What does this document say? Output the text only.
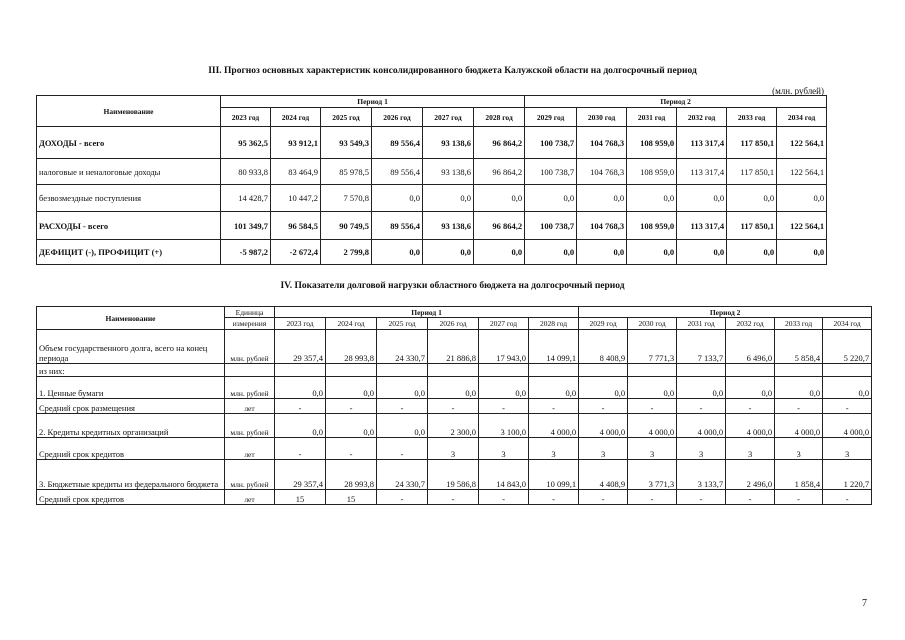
III. Прогноз основных характеристик консолидированного бюджета Калужской области на долгосрочный период
(млн. рублей)
Наименование	Период 1						Период 2					
	2023 год	2024 год	2025 год	2026 год	2027 год	2028 год	2029 год	2030 год	2031 год	2032 год	2033 год	2034 год
ДОХОДЫ - всего	95 362,5	93 912,1	93 549,3	89 556,4	93 138,6	96 864,2	100 738,7	104 768,3	108 959,0	113 317,4	117 850,1	122 564,1
налоговые и неналоговые доходы	80 933,8	83 464,9	85 978,5	89 556,4	93 138,6	96 864,2	100 738,7	104 768,3	108 959,0	113 317,4	117 850,1	122 564,1
безвозмездные поступления	14 428,7	10 447,2	7 570,8	0,0	0,0	0,0	0,0	0,0	0,0	0,0	0,0	0,0
РАСХОДЫ - всего	101 349,7	96 584,5	90 749,5	89 556,4	93 138,6	96 864,2	100 738,7	104 768,3	108 959,0	113 317,4	117 850,1	122 564,1
ДЕФИЦИТ (-), ПРОФИЦИТ (+)	-5 987,2	-2 672,4	2 799,8	0,0	0,0	0,0	0,0	0,0	0,0	0,0	0,0	0,0
IV. Показатели долговой нагрузки областного бюджета на долгосрочный период
Наименование	Единица	Период 1						Период 2					
	измерения	2023 год	2024 год	2025 год	2026 год	2027 год	2028 год	2029 год	2030 год	2031 год	2032 год	2033 год	2034 год
Объем государственного долга, всего на конец периода	млн. рублей	29 357,4	28 993,8	24 330,7	21 886,8	17 943,0	14 099,1	8 408,9	7 771,3	7 133,7	6 496,0	5 858,4	5 220,7
из них:													
1. Ценные бумаги	млн. рублей	0,0	0,0	0,0	0,0	0,0	0,0	0,0	0,0	0,0	0,0	0,0	0,0
Средний срок размещения	лет	-	-	-	-	-	-	-	-	-	-	-	-
2. Кредиты кредитных организаций	млн. рублей	0,0	0,0	0,0	2 300,0	3 100,0	4 000,0	4 000,0	4 000,0	4 000,0	4 000,0	4 000,0	4 000,0
Средний срок кредитов	лет	-	-	-	3	3	3	3	3	3	3	3	3
3. Бюджетные кредиты из федерального бюджета	млн. рублей	29 357,4	28 993,8	24 330,7	19 586,8	14 843,0	10 099,1	4 408,9	3 771,3	3 133,7	2 496,0	1 858,4	1 220,7
Средний срок кредитов	лет	15	15	-	-	-	-	-	-	-	-	-	-
7
